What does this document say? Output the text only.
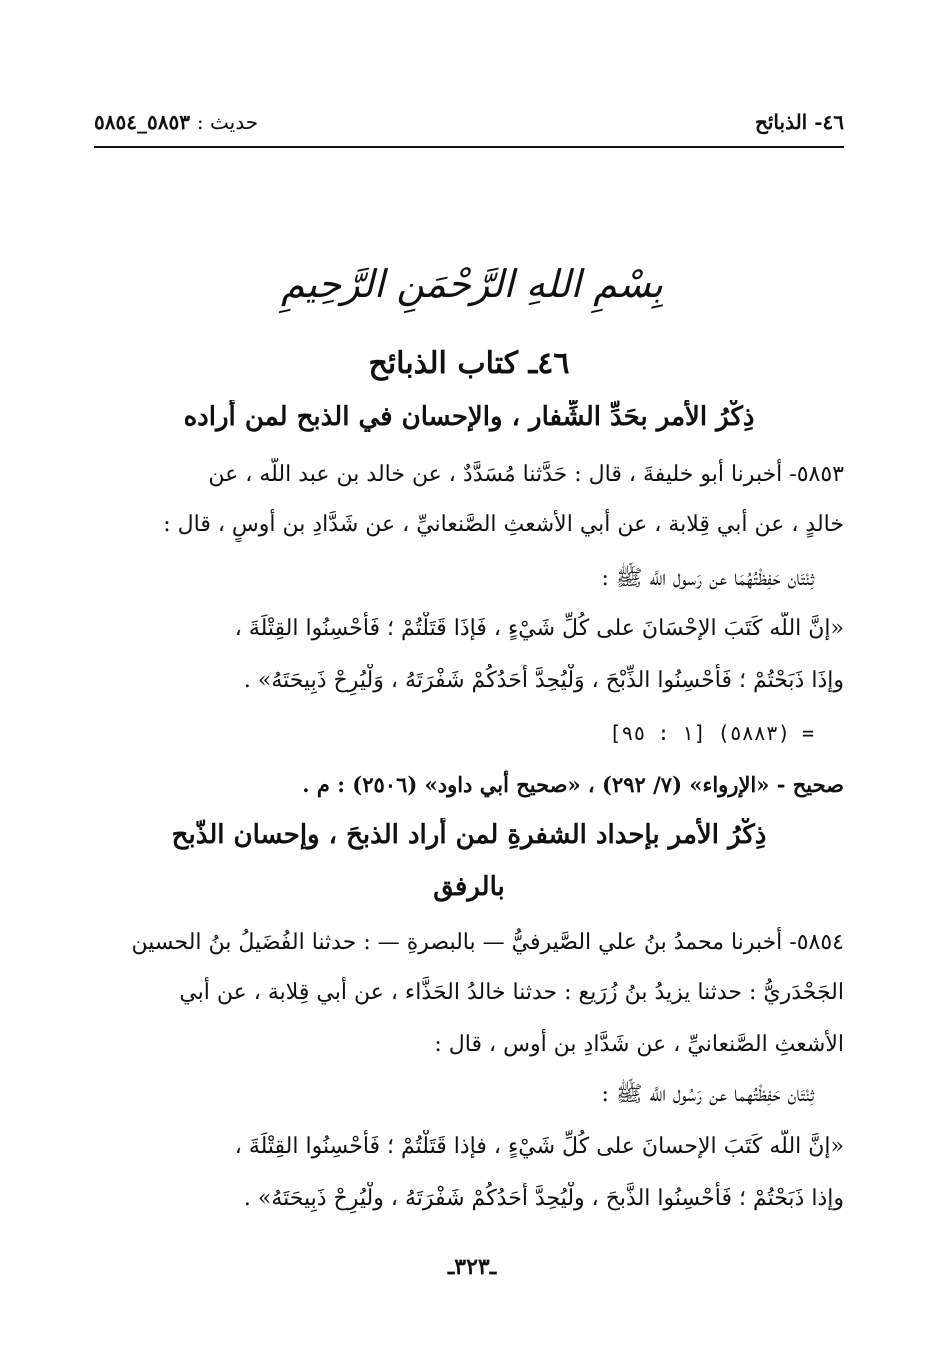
٤٦- الذبائح
حديث : ٥٨٥٣_٥٨٥٤
بِسْمِ اللهِ الرَّحْمَنِ الرَّحِيمِ
٤٦ـ كتاب الذبائح
ذِكْرُ الأمر بحَدِّ الشِّفار ، والإحسان في الذبح لمن أراده
٥٨٥٣- أخبرنا أبو خليفةَ ، قال : حَدَّثنا مُسَدَّدٌ ، عن خالد بن عبد اللَّه ، عن
خالدٍ ، عن أبي قِلابة ، عن أبي الأشعثِ الصَّنعانيِّ ، عن شَدَّادِ بن أوسٍ ، قال :
ثِنْتَان حَفِظْتُهُمَا عن رَسول اللَّه ﷺ :
«إنَّ اللَّه كَتَبَ الإحْسَانَ على كُلِّ شَيْءٍ ، فَإذَا قَتَلْتُمْ ؛ فَأَحْسِنُوا القِتْلَةَ ،
وإذَا ذَبَحْتُمْ ؛ فَأَحْسِنُوا الذِّبْحَ ، وَلْيُحِدَّ أَحَدُكُمْ شَفْرَتَهُ ، وَلْيُرِحْ ذَبِيحَتَهُ» .
= (٥٨٨٣) [١ : ٩٥]
صحيح - «الإرواء» (٧/ ٢٩٢) ، «صحيح أبي داود» (٢٥٠٦) : م .
ذِكْرُ الأمر بإحداد الشفرةِ لمن أراد الذبحَ ، وإحسان الذّبح
بالرفق
٥٨٥٤- أخبرنا محمدُ بنُ علي الصَّيرفيُّ — بالبصرةِ — : حدثنا الفُضَيلُ بنُ الحسين
الجَحْدَريُّ : حدثنا يزيدُ بنُ زُرَيع : حدثنا خالدُ الحَذَّاء ، عن أبي قِلابة ، عن أبي
الأشعثِ الصَّنعانيِّ ، عن شَدَّادِ بن أوس ، قال :
ثِنْتَان حَفِظْتُهما عن رَسُول اللَّه ﷺ :
«إنَّ اللَّه كَتَبَ الإحسانَ على كُلِّ شَيْءٍ ، فإذا قَتَلْتُمْ ؛ فَأَحْسِنُوا القِتْلَةَ ،
وإذا ذَبَحْتُمْ ؛ فَأَحْسِنُوا الذَّبحَ ، ولْيُحِدَّ أَحَدُكُمْ شَفْرَتَهُ ، ولْيُرِحْ ذَبِيحَتَهُ» .
ـ٣٢٣ـ
